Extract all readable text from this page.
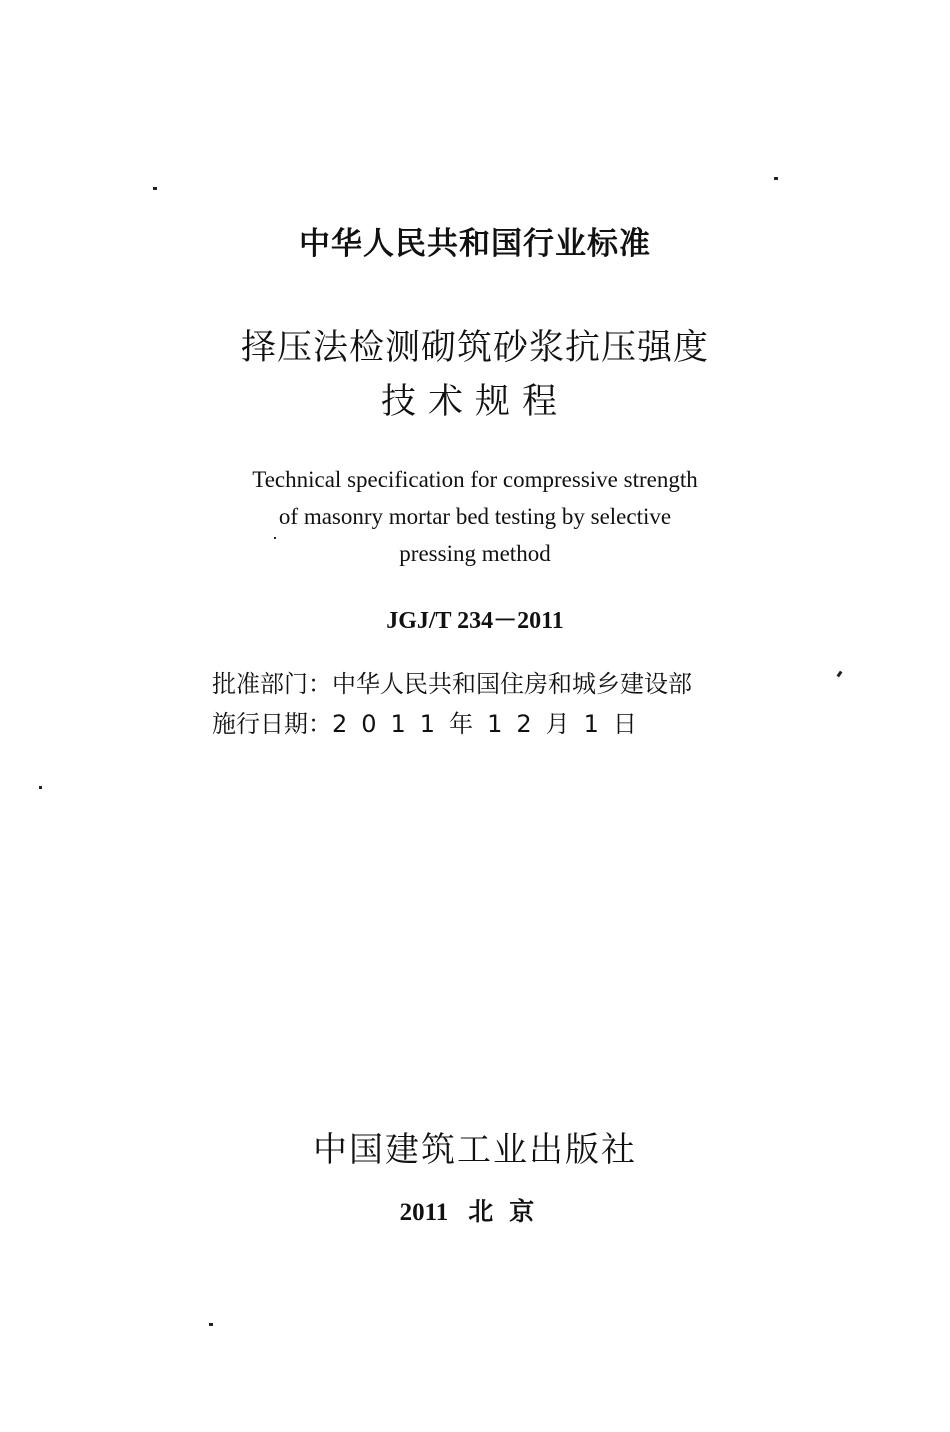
中华人民共和国行业标准
择压法检测砌筑砂浆抗压强度
技术规程
Technical specification for compressive strength
of masonry mortar bed testing by selective
pressing method
JGJ/T 234－2011
批准部门：中华人民共和国住房和城乡建设部
施行日期：2011年12月1日
中国建筑工业出版社
2011 北京
